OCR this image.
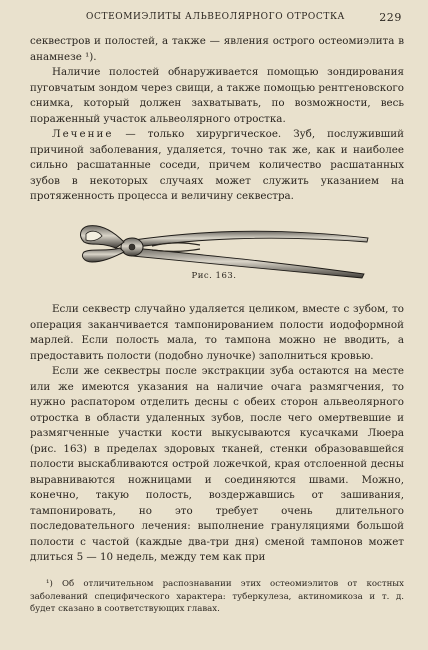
ОСТЕОМИЭЛИТЫ АЛЬВЕОЛЯРНОГО ОТРОСТКА	229

секвестров и полостей, а также — явления острого остеомиэлита в анамнезе ¹).

Наличие полостей обнаруживается помощью зондирования пуговчатым зондом через свищи, а также помощью рентгеновского снимка, который должен захватывать, по возможности, весь пораженный участок альвеолярного отростка.

Лечение — только хирургическое. Зуб, послуживший причиной заболевания, удаляется, точно так же, как и наиболее сильно расшатанные соседи, причем количество расшатанных зубов в некоторых случаях может служить указанием на протяженность процесса и величину секвестра.

Рис. 163.

Если секвестр случайно удаляется целиком, вместе с зубом, то операция заканчивается тампонированием полости иодоформной марлей. Если полость мала, то тампона можно не вводить, а предоставить полости (подобно луночке) заполниться кровью.

Если же секвестры после экстракции зуба остаются на месте или же имеются указания на наличие очага размягчения, то нужно распатором отделить десны с обеих сторон альвеолярного отростка в области удаленных зубов, после чего омертвевшие и размягченные участки кости выкусываются кусачками Люера (рис. 163) в пределах здоровых тканей, стенки образовавшейся полости выскабливаются острой ложечкой, края отслоенной десны выравниваются ножницами и соединяются швами. Можно, конечно, такую полость, воздержавшись от зашивания, тампонировать, но это требует очень длительного последовательного лечения: выполнение грануляциями большой полости с частой (каждые два-три дня) сменой тампонов может длиться 5 — 10 недель, между тем как при

¹) Об отличительном распознавании этих остеомиэлитов от костных заболеваний специфического характера: туберкулеза, актиномикоза и т. д. будет сказано в соответствующих главах.
